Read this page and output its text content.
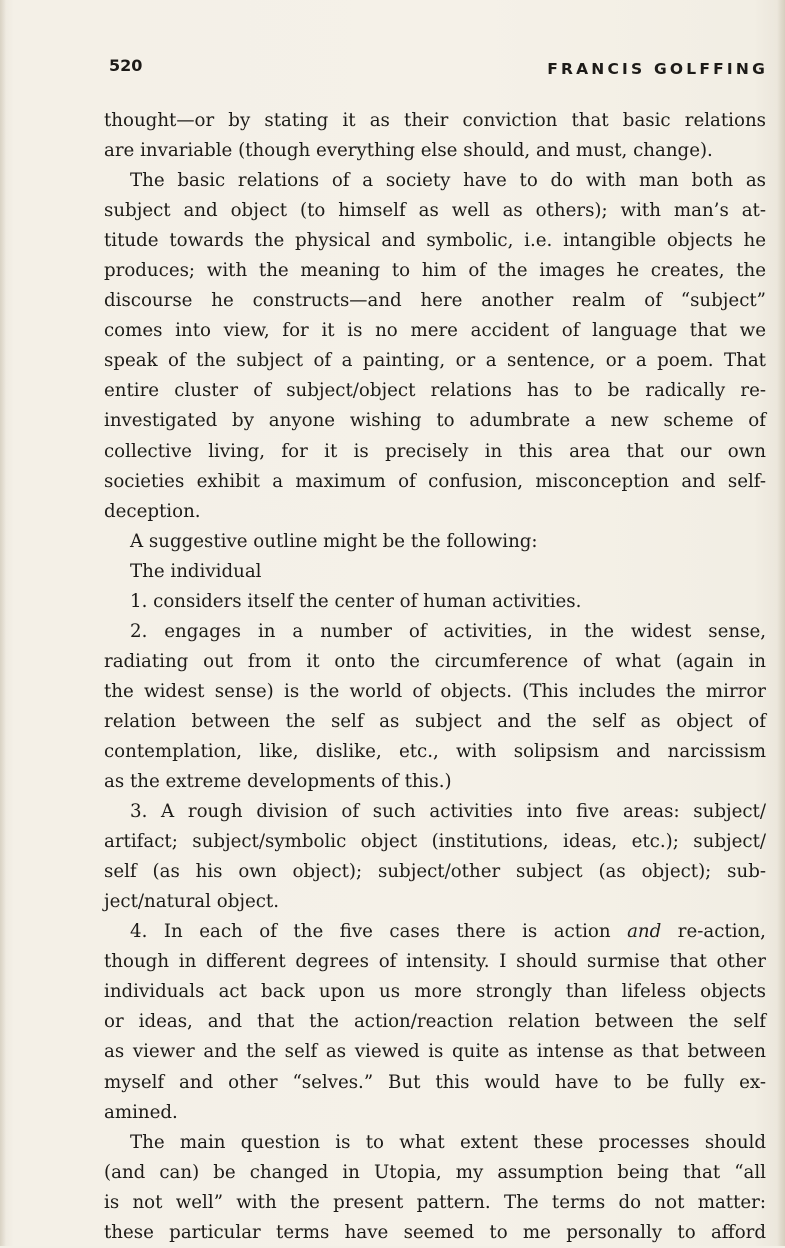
520	FRANCIS GOLFFING

thought—or by stating it as their conviction that basic relations

are invariable (though everything else should, and must, change).

The basic relations of a society have to do with man both as

subject and object (to himself as well as others); with man’s at-

titude towards the physical and symbolic, i.e. intangible objects he

produces; with the meaning to him of the images he creates, the

discourse he constructs—and here another realm of “subject”

comes into view, for it is no mere accident of language that we

speak of the subject of a painting, or a sentence, or a poem. That

entire cluster of subject/object relations has to be radically re-

investigated by anyone wishing to adumbrate a new scheme of

collective living, for it is precisely in this area that our own

societies exhibit a maximum of confusion, misconception and self-

deception.

A suggestive outline might be the following:

The individual

1. considers itself the center of human activities.

2. engages in a number of activities, in the widest sense,

radiating out from it onto the circumference of what (again in

the widest sense) is the world of objects. (This includes the mirror

relation between the self as subject and the self as object of

contemplation, like, dislike, etc., with solipsism and narcissism

as the extreme developments of this.)

3. A rough division of such activities into five areas: subject/

artifact; subject/symbolic object (institutions, ideas, etc.); subject/

self (as his own object); subject/other subject (as object); sub-

ject/natural object.

4. In each of the five cases there is action and re-action,

though in different degrees of intensity. I should surmise that other

individuals act back upon us more strongly than lifeless objects

or ideas, and that the action/reaction relation between the self

as viewer and the self as viewed is quite as intense as that between

myself and other “selves.” But this would have to be fully ex-

amined.

The main question is to what extent these processes should

(and can) be changed in Utopia, my assumption being that “all

is not well” with the present pattern. The terms do not matter:

these particular terms have seemed to me personally to afford
